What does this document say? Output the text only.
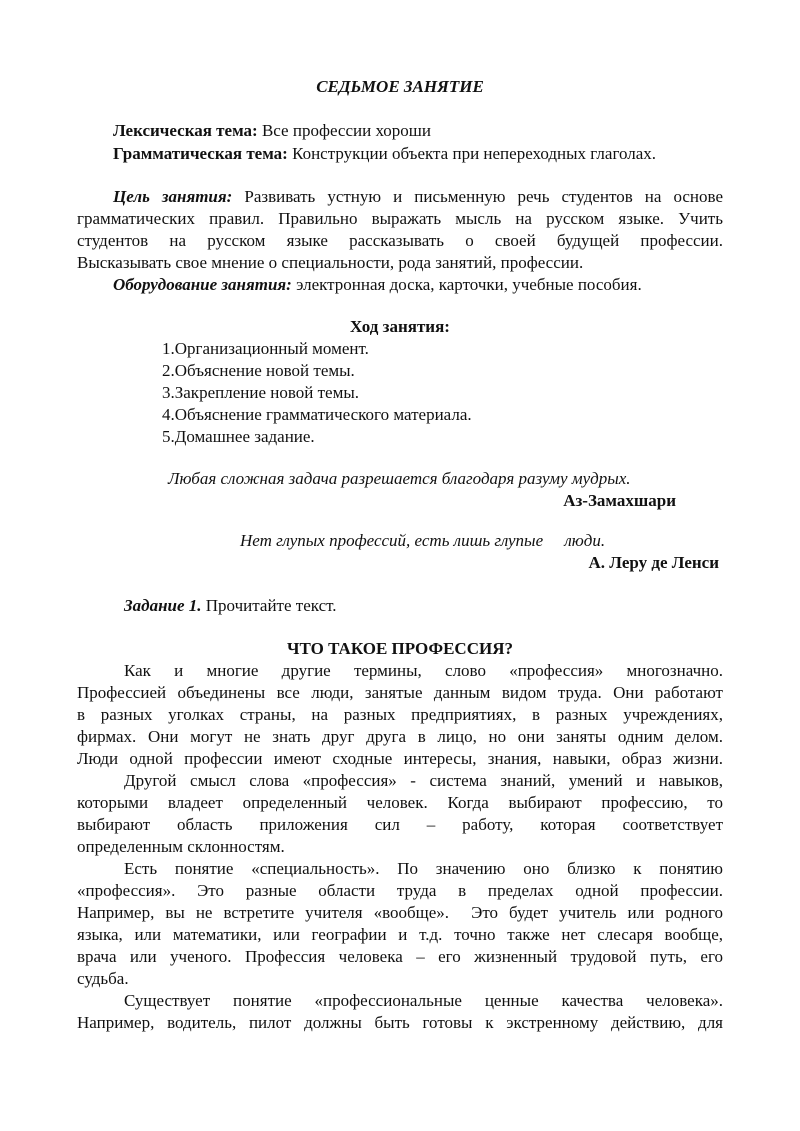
СЕДЬМОЕ ЗАНЯТИЕ
Лексическая тема: Все профессии хороши
Грамматическая тема: Конструкции объекта при непереходных глаголах.
Цель занятия: Развивать устную и письменную речь студентов на основе
грамматических правил. Правильно выражать мысль на русском языке. Учить
студентов на русском языке рассказывать о своей будущей профессии.
Высказывать свое мнение о специальности, рода занятий, профессии.
Оборудование занятия: электронная доска, карточки, учебные пособия.
Ход занятия:
1.Организационный момент.
2.Объяснение новой темы.
3.Закрепление новой темы.
4.Объяснение грамматического материала.
5.Домашнее задание.
Любая сложная задача разрешается благодаря разуму мудрых.
Аз-Замахшари
Нет глупых профессий, есть лишь глупые     люди.
А. Леру де Ленси
Задание 1. Прочитайте текст.
ЧТО ТАКОЕ ПРОФЕССИЯ?
Как и многие другие термины, слово «профессия» многозначно.
Профессией объединены все люди, занятые данным видом труда. Они работают
в разных уголках страны, на разных предприятиях, в разных учреждениях,
фирмах. Они могут не знать друг друга в лицо, но они заняты одним делом.
Люди одной профессии имеют сходные интересы, знания, навыки, образ жизни.
Другой смысл слова «профессия» - система знаний, умений и навыков,
которыми владеет определенный человек. Когда выбирают профессию, то
выбирают область приложения сил – работу, которая соответствует
определенным склонностям.
Есть понятие «специальность». По значению оно близко к понятию
«профессия». Это разные области труда в пределах одной профессии.
Например, вы не встретите учителя «вообще».  Это будет учитель или родного
языка, или математики, или географии и т.д. точно также нет слесаря вообще,
врача или ученого. Профессия человека – его жизненный трудовой путь, его
судьба.
Существует понятие «профессиональные ценные качества человека».
Например, водитель, пилот должны быть готовы к экстренному действию, для
